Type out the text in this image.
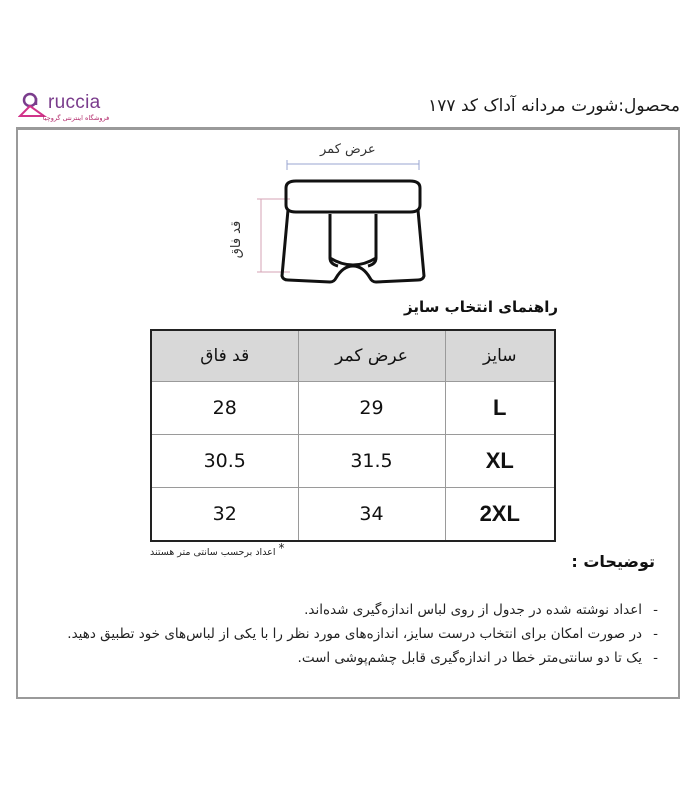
ruccia
فروشگاه اینترنتی گروچیا
محصول:شورت مردانه آداک کد ۱۷۷
عرض کمر
قد فاق
راهنمای انتخاب سایز
سایز	عرض کمر	قد فاق
L	29	28
XL	31.5	30.5
2XL	34	32
*
اعداد برحسب سانتی متر هستند	توضیحات :
- اعداد نوشته شده در جدول از روی لباس اندازه‌گیری شده‌اند.
- در صورت امکان برای انتخاب درست سایز، اندازه‌های مورد نظر را با یکی از لباس‌های خود تطبیق دهید.
- یک تا دو سانتی‌متر خطا در اندازه‌گیری قابل چشم‌پوشی است.
